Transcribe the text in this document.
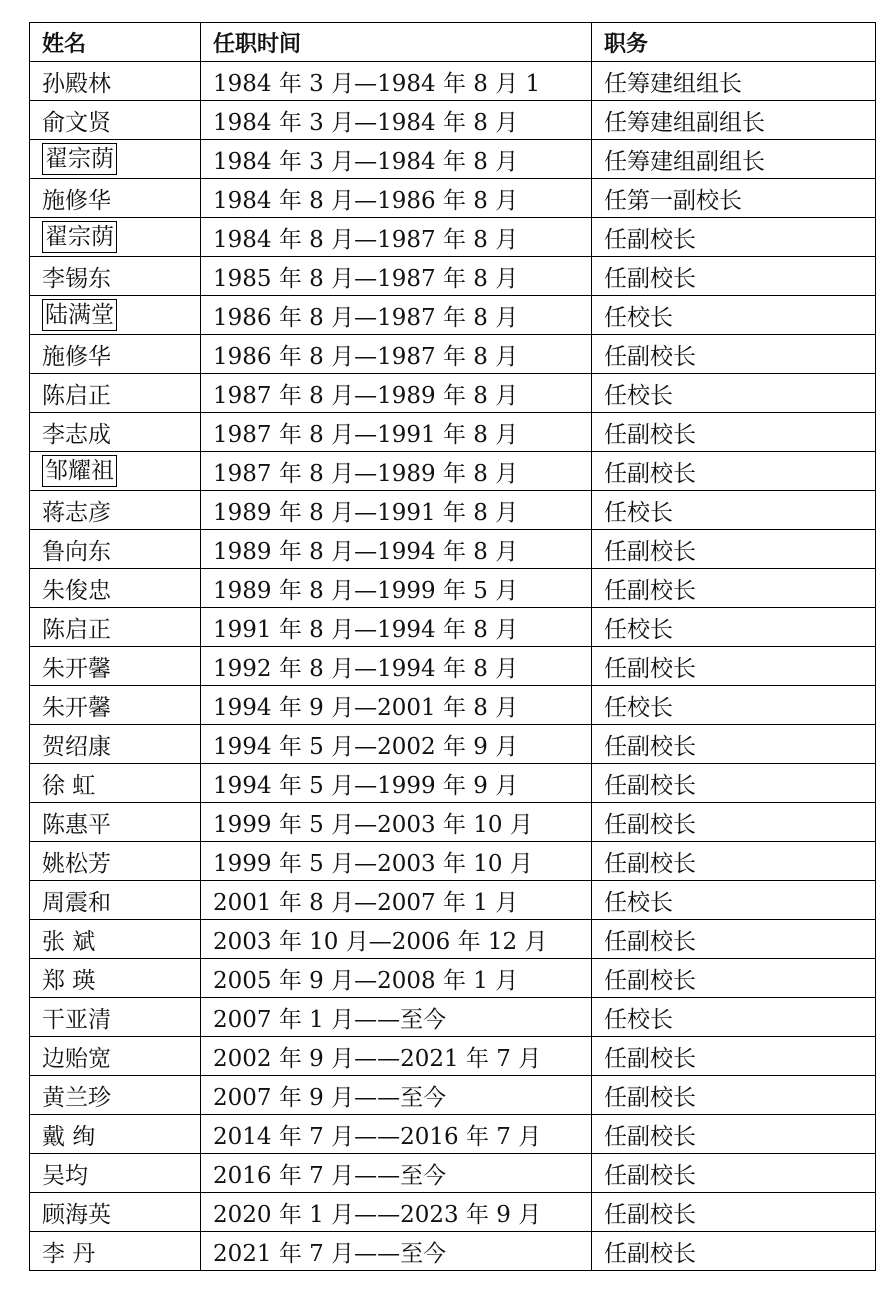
姓名	任职时间	职务
孙殿林	1984 年 3 月—1984 年 8 月 1	任筹建组组长
俞文贤	1984 年 3 月—1984 年 8 月	任筹建组副组长
翟宗荫	1984 年 3 月—1984 年 8 月	任筹建组副组长
施修华	1984 年 8 月—1986 年 8 月	任第一副校长
翟宗荫	1984 年 8 月—1987 年 8 月	任副校长
李锡东	1985 年 8 月—1987 年 8 月	任副校长
陆满堂	1986 年 8 月—1987 年 8 月	任校长
施修华	1986 年 8 月—1987 年 8 月	任副校长
陈启正	1987 年 8 月—1989 年 8 月	任校长
李志成	1987 年 8 月—1991 年 8 月	任副校长
邹耀祖	1987 年 8 月—1989 年 8 月	任副校长
蒋志彦	1989 年 8 月—1991 年 8 月	任校长
鲁向东	1989 年 8 月—1994 年 8 月	任副校长
朱俊忠	1989 年 8 月—1999 年 5 月	任副校长
陈启正	1991 年 8 月—1994 年 8 月	任校长
朱开馨	1992 年 8 月—1994 年 8 月	任副校长
朱开馨	1994 年 9 月—2001 年 8 月	任校长
贺绍康	1994 年 5 月—2002 年 9 月	任副校长
徐 虹	1994 年 5 月—1999 年 9 月	任副校长
陈惠平	1999 年 5 月—2003 年 10 月	任副校长
姚松芳	1999 年 5 月—2003 年 10 月	任副校长
周震和	2001 年 8 月—2007 年 1 月	任校长
张 斌	2003 年 10 月—2006 年 12 月	任副校长
郑 瑛	2005 年 9 月—2008 年 1 月	任副校长
干亚清	2007 年 1 月——至今	任校长
边贻宽	2002 年 9 月——2021 年 7 月	任副校长
黄兰珍	2007 年 9 月——至今	任副校长
戴 绚	2014 年 7 月——2016 年 7 月	任副校长
吴均	2016 年 7 月——至今	任副校长
顾海英	2020 年 1 月——2023 年 9 月	任副校长
李 丹	2021 年 7 月——至今	任副校长
